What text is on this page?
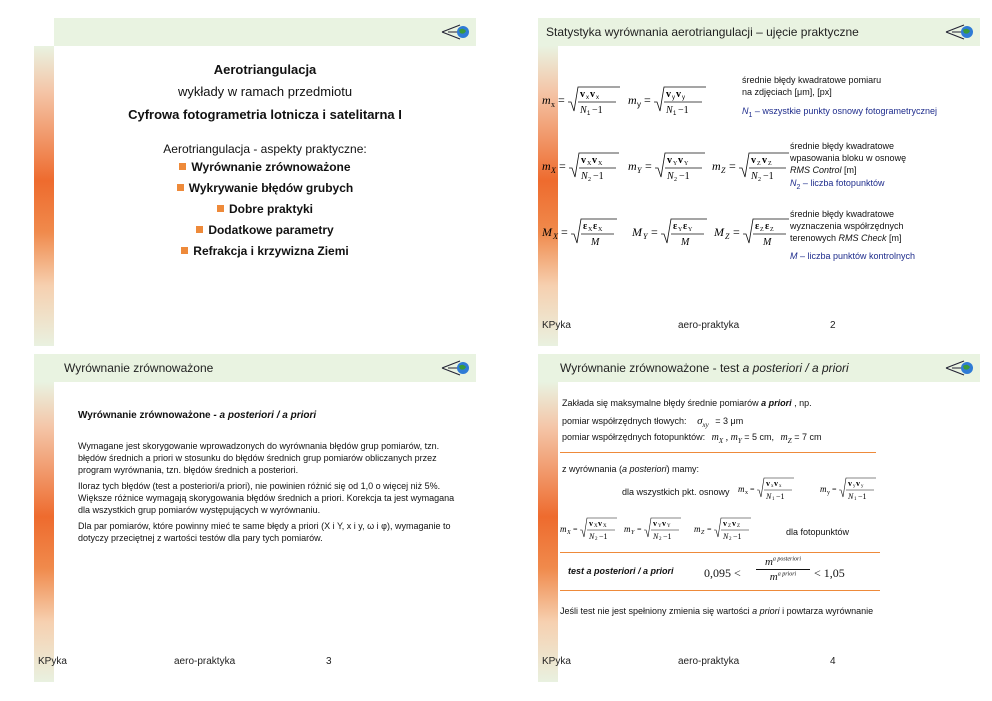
Aerotriangulacja
wykłady w ramach przedmiotu
Cyfrowa fotogrametria lotnicza i satelitarna I
Aerotriangulacja - aspekty praktyczne:
Wyrównanie zrównoważone
Wykrywanie błędów grubych
Dobre praktyki
Dodatkowe parametry
Refrakcja i krzywizna Ziemi
Statystyka wyrównania aerotriangulacji – ujęcie praktyczne
m x = v x v x
N 1 −1
m y = v y v y
N 1 −1
średnie błędy kwadratowe pomiaru
na zdjęciach [μm], [px]
$N_1$ – wszystkie punkty osnowy fotogrametrycznej
m X = v X v X
N 2 −1
m Y = v Y v Y
N 2 −1
m Z = v Z v Z
N 2 −1
średnie błędy kwadratowe
wpasowania bloku w osnowę
RMS Control [m]
$N_2$ – liczba fotopunktów
M X = ε X ε X
M
M Y = ε Y ε Y
M
M Z = ε Z ε Z
M
średnie błędy kwadratowe
wyznaczenia współrzędnych
terenowych RMS Check [m]
M – liczba punktów kontrolnych
KPyka	aero-praktyka	2
Wyrównanie zrównoważone
Wyrównanie zrównoważone - a posteriori / a priori
Wymagane jest skorygowanie wprowadzonych do wyrównania błędów grup pomiarów, tzn. błędów średnich a priori w stosunku do błędów średnich grup pomiarów obliczanych przez program wyrównania, tzn. błędów średnich a posteriori.
Iloraz tych błędów (test a posteriori/a priori), nie powinien różnić się od 1,0 o więcej niż 5%. Większe różnice wymagają skorygowania błędów średnich a priori. Korekcja ta jest wymagana dla wszystkich grup pomiarów występujących w wyrównaniu.
Dla par pomiarów, które powinny mieć te same błędy a priori (X i Y, x i y, ω i φ), wymaganie to dotyczy przeciętnej z wartości testów dla pary tych pomiarów.
KPyka	aero-praktyka	3
Wyrównanie zrównoważone - test a posteriori / a priori
Zakłada się maksymalne błędy średnie pomiarów a priori , np.
pomiar współrzędnych tłowych: $\sigma_{xy} = 3$ μm
pomiar współrzędnych fotopunktów: $m_X$ , $m_Y = 5$ cm, $m_Z = 7$ cm
z wyrównania (a posteriori) mamy:
dla wszystkich pkt. osnowy m x =
v x v x
N 1 −1
m y =
v y v y
N 1 −1
m X =
v X v X
N 2 −1
m Y =
v Y v Y
N 2 −1
m Z =
v Z v Z
N 2 −1	dla fotopunktów
test a posteriori / a priori	0,095 <
$m^{a posteriori}$
$m^{a priori}$	< 1,05
Jeśli test nie jest spełniony zmienia się wartości a priori i powtarza wyrównanie
KPyka	aero-praktyka	4
